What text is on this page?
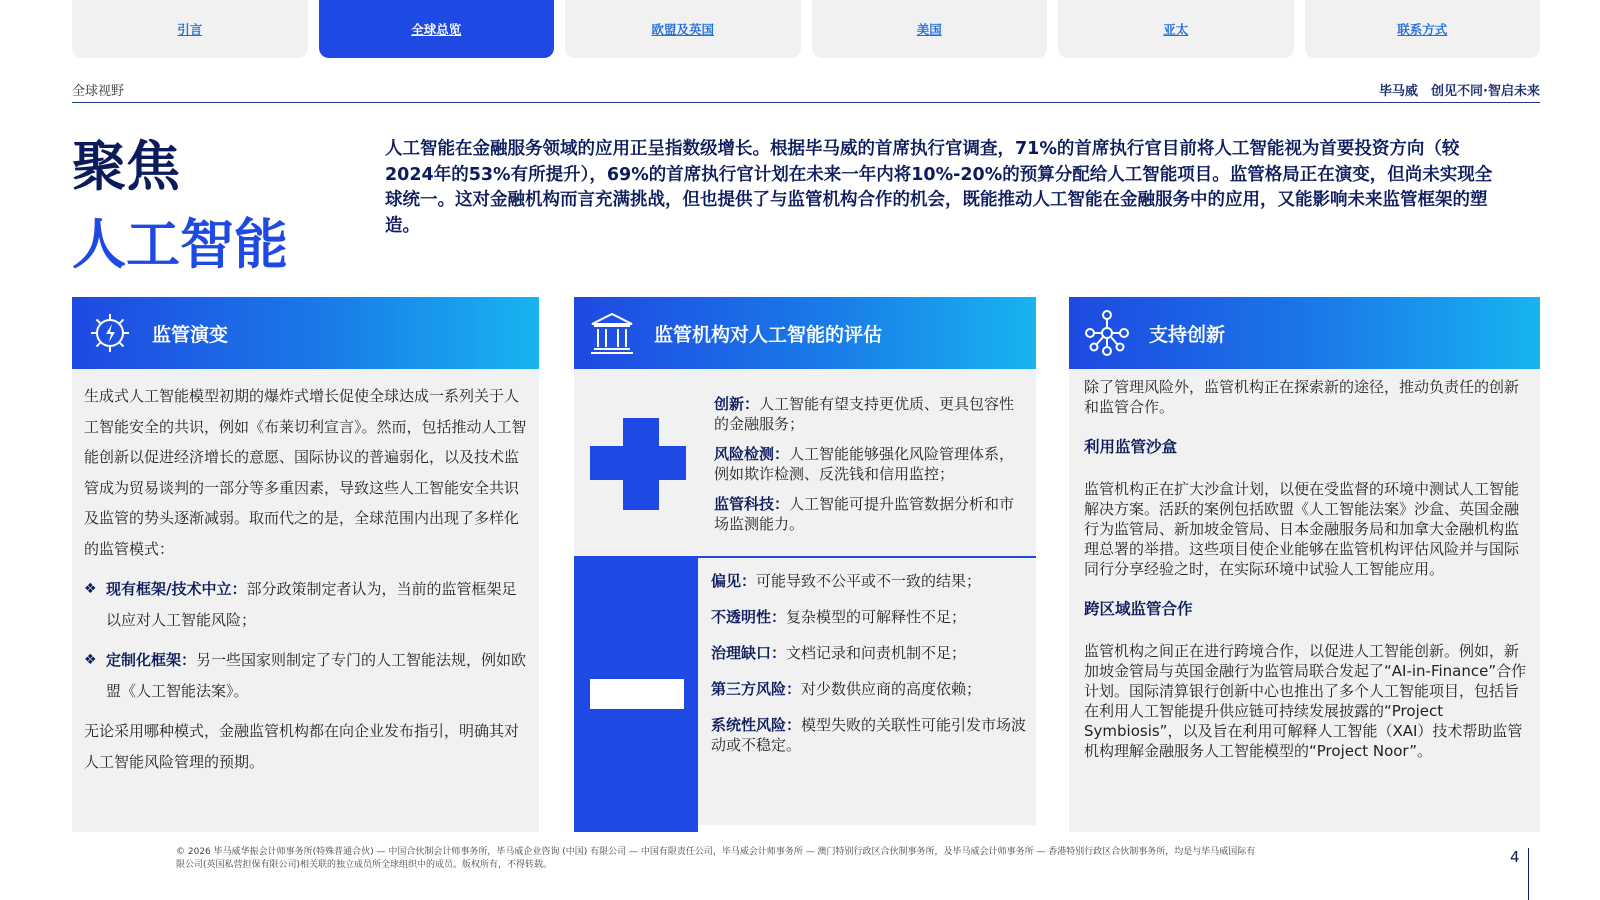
引言	全球总览	欧盟及英国	美国	亚太	联系方式
全球视野	毕马威　创见不同·智启未来
聚焦
人工智能
人工智能在金融服务领域的应用正呈指数级增长。根据毕马威的首席执行官调查，71%的首席执行官目前将人工智能视为首要投资方向（较2024年的53%有所提升），69%的首席执行官计划在未来一年内将10%-20%的预算分配给人工智能项目。监管格局正在演变，但尚未实现全球统一。这对金融机构而言充满挑战，但也提供了与监管机构合作的机会，既能推动人工智能在金融服务中的应用，又能影响未来监管框架的塑造。
监管演变

生成式人工智能模型初期的爆炸式增长促使全球达成一系列关于人工智能安全的共识，例如《布莱切利宣言》。然而，包括推动人工智能创新以促进经济增长的意愿、国际协议的普遍弱化，以及技术监管成为贸易谈判的一部分等多重因素，导致这些人工智能安全共识及监管的势头逐渐减弱。取而代之的是，全球范围内出现了多样化的监管模式：

❖ 现有框架/技术中立：部分政策制定者认为，当前的监管框架足以应对人工智能风险；
❖ 定制化框架：另一些国家则制定了专门的人工智能法规，例如欧盟《人工智能法案》。

无论采用哪种模式，金融监管机构都在向企业发布指引，明确其对人工智能风险管理的预期。

监管机构对人工智能的评估

创新：人工智能有望支持更优质、更具包容性的金融服务；

风险检测：人工智能能够强化风险管理体系，例如欺诈检测、反洗钱和信用监控；

监管科技：人工智能可提升监管数据分析和市场监测能力。

偏见：可能导致不公平或不一致的结果；

不透明性：复杂模型的可解释性不足；

治理缺口：文档记录和问责机制不足；

第三方风险：对少数供应商的高度依赖；

系统性风险：模型失败的关联性可能引发市场波动或不稳定。

支持创新

除了管理风险外，监管机构正在探索新的途径，推动负责任的创新和监管合作。

利用监管沙盒

监管机构正在扩大沙盒计划，以便在受监督的环境中测试人工智能解决方案。活跃的案例包括欧盟《人工智能法案》沙盒、英国金融行为监管局、新加坡金管局、日本金融服务局和加拿大金融机构监理总署的举措。这些项目使企业能够在监管机构评估风险并与国际同行分享经验之时，在实际环境中试验人工智能应用。

跨区域监管合作

监管机构之间正在进行跨境合作，以促进人工智能创新。例如，新加坡金管局与英国金融行为监管局联合发起了“AI-in-Finance”合作计划。国际清算银行创新中心也推出了多个人工智能项目，包括旨在利用人工智能提升供应链可持续发展披露的“Project Symbiosis”，以及旨在利用可解释人工智能（XAI）技术帮助监管机构理解金融服务人工智能模型的“Project Noor”。

© 2026 毕马威华振会计师事务所(特殊普通合伙) — 中国合伙制会计师事务所，毕马威企业咨询 (中国) 有限公司 — 中国有限责任公司，毕马威会计师事务所 — 澳门特别行政区合伙制事务所，及毕马威会计师事务所 — 香港特别行政区合伙制事务所，均是与毕马威国际有限公司(英国私营担保有限公司)相关联的独立成员所全球组织中的成员。版权所有，不得转载。	4
